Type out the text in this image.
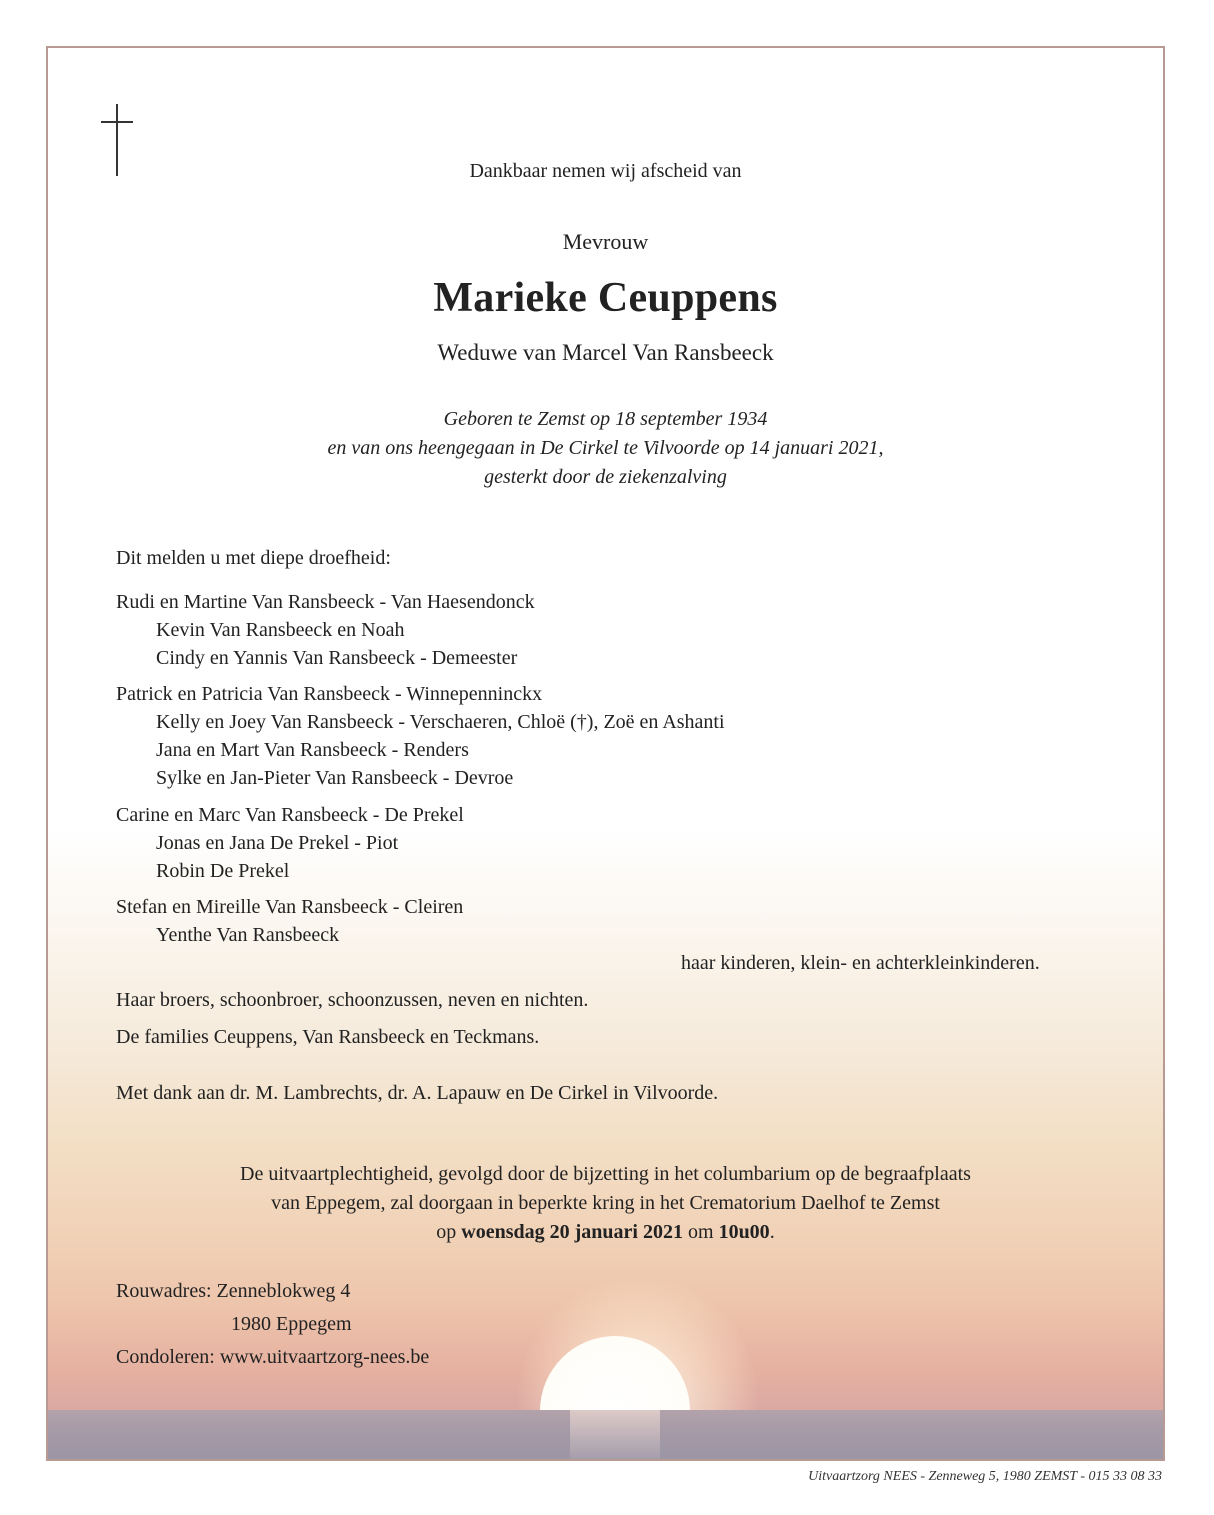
Dankbaar nemen wij afscheid van
Mevrouw
Marieke Ceuppens
Weduwe van Marcel Van Ransbeeck
Geboren te Zemst op 18 september 1934
en van ons heengegaan in De Cirkel te Vilvoorde op 14 januari 2021,
gesterkt door de ziekenzalving
Dit melden u met diepe droefheid:
Rudi en Martine Van Ransbeeck - Van Haesendonck
Kevin Van Ransbeeck en Noah
Cindy en Yannis Van Ransbeeck - Demeester
Patrick en Patricia Van Ransbeeck - Winnepenninckx
Kelly en Joey Van Ransbeeck - Verschaeren, Chloë (†), Zoë en Ashanti
Jana en Mart Van Ransbeeck - Renders
Sylke en Jan-Pieter Van Ransbeeck - Devroe
Carine en Marc Van Ransbeeck - De Prekel
Jonas en Jana De Prekel - Piot
Robin De Prekel
Stefan en Mireille Van Ransbeeck - Cleiren
Yenthe Van Ransbeeck
haar kinderen, klein- en achterkleinkinderen.
Haar broers, schoonbroer, schoonzussen, neven en nichten.
De families Ceuppens, Van Ransbeeck en Teckmans.
Met dank aan dr. M. Lambrechts, dr. A. Lapauw en De Cirkel in Vilvoorde.
De uitvaartplechtigheid, gevolgd door de bijzetting in het columbarium op de begraafplaats
van Eppegem, zal doorgaan in beperkte kring in het Crematorium Daelhof te Zemst
op woensdag 20 januari 2021 om 10u00.
Rouwadres: Zenneblokweg 4
1980 Eppegem
Condoleren: www.uitvaartzorg-nees.be
Uitvaartzorg NEES - Zenneweg 5, 1980 ZEMST - 015 33 08 33
